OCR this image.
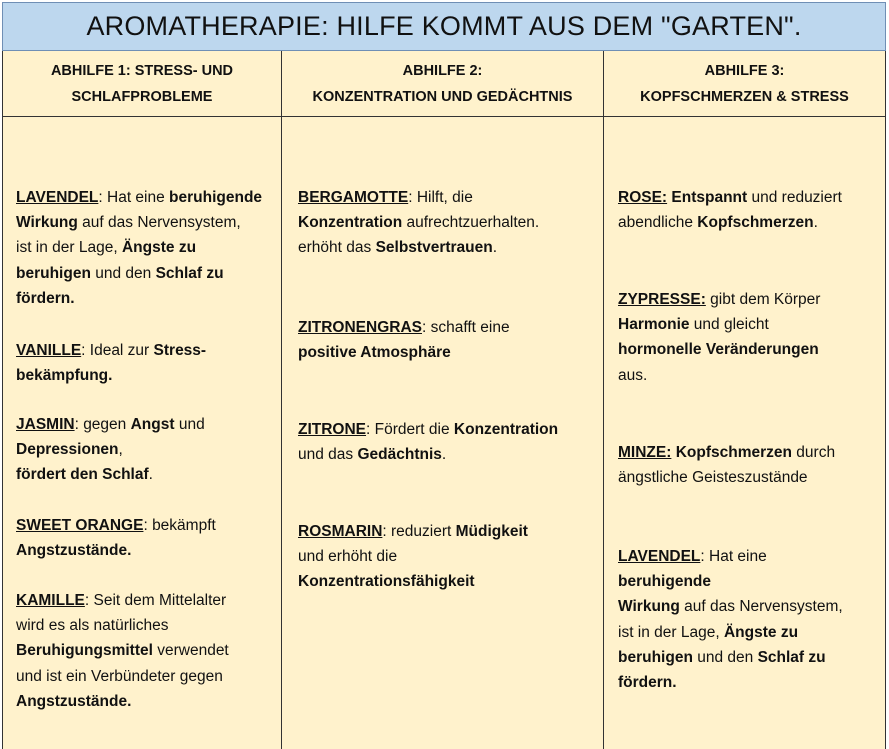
AROMATHERAPIE: HILFE KOMMT AUS DEM "GARTEN".
ABHILFE 1: STRESS- UND
SCHLAFPROBLEME
ABHILFE 2:
KONZENTRATION UND GEDÄCHTNIS
ABHILFE 3:
KOPFSCHMERZEN & STRESS

LAVENDEL: Hat eine beruhigende

Wirkung auf das Nervensystem,

ist in der Lage, Ängste zu

beruhigen und den Schlaf zu

fördern.

VANILLE: Ideal zur Stress-

bekämpfung.

JASMIN: gegen Angst und

Depressionen,

fördert den Schlaf.

SWEET ORANGE: bekämpft

Angstzustände.

KAMILLE: Seit dem Mittelalter

wird es als natürliches

Beruhigungsmittel verwendet

und ist ein Verbündeter gegen

Angstzustände.

BERGAMOTTE: Hilft, die

Konzentration aufrechtzuerhalten.

erhöht das Selbstvertrauen.

ZITRONENGRAS: schafft eine

positive Atmosphäre

ZITRONE: Fördert die Konzentration

und das Gedächtnis.

ROSMARIN: reduziert Müdigkeit

und erhöht die

Konzentrationsfähigkeit

ROSE: Entspannt und reduziert

abendliche Kopfschmerzen.

ZYPRESSE: gibt dem Körper

Harmonie und gleicht

hormonelle Veränderungen

aus.

MINZE: Kopfschmerzen durch

ängstliche Geisteszustände

LAVENDEL: Hat eine

beruhigende

Wirkung auf das Nervensystem,

ist in der Lage, Ängste zu

beruhigen und den Schlaf zu

fördern.
